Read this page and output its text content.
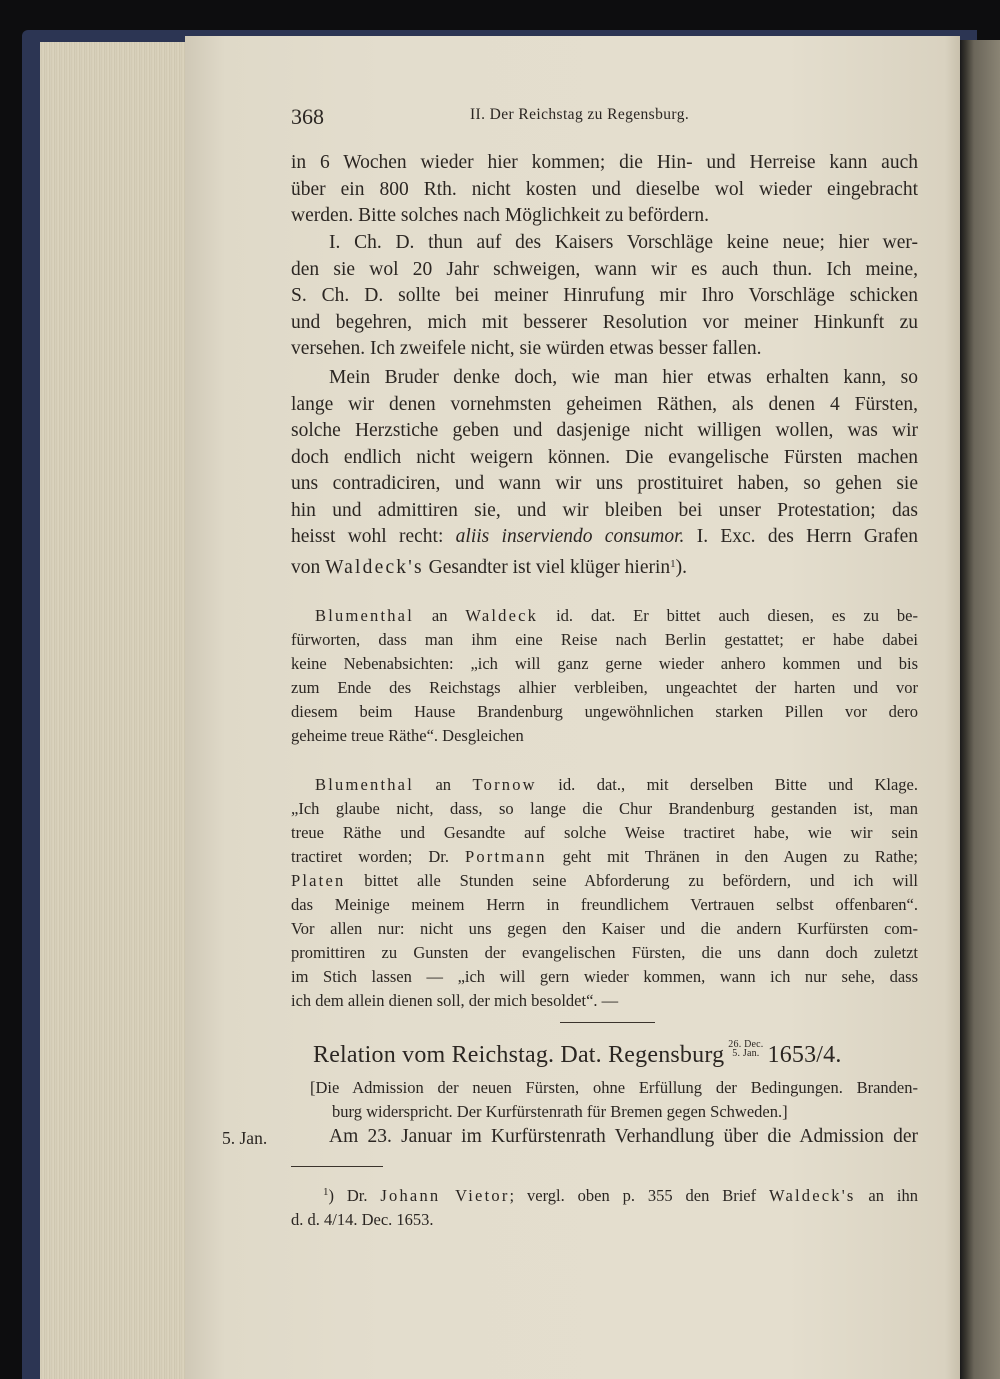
368	II. Der Reichstag zu Regensburg.
in 6 Wochen wieder hier kommen; die Hin- und Herreise kann auch
über ein 800 Rth. nicht kosten und dieselbe wol wieder eingebracht
werden. Bitte solches nach Möglichkeit zu befördern.
I. Ch. D. thun auf des Kaisers Vorschläge keine neue; hier wer-
den sie wol 20 Jahr schweigen, wann wir es auch thun. Ich meine,
S. Ch. D. sollte bei meiner Hinrufung mir Ihro Vorschläge schicken
und begehren, mich mit besserer Resolution vor meiner Hinkunft zu
versehen. Ich zweifele nicht, sie würden etwas besser fallen.
Mein Bruder denke doch, wie man hier etwas erhalten kann, so
lange wir denen vornehmsten geheimen Räthen, als denen 4 Fürsten,
solche Herzstiche geben und dasjenige nicht willigen wollen, was wir
doch endlich nicht weigern können. Die evangelische Fürsten machen
uns contradiciren, und wann wir uns prostituiret haben, so gehen sie
hin und admittiren sie, und wir bleiben bei unser Protestation; das
heisst wohl recht: aliis inserviendo consumor. I. Exc. des Herrn Grafen
von Waldeck's Gesandter ist viel klüger hierin$^1$).
Blumenthal an Waldeck id. dat. Er bittet auch diesen, es zu be-
fürworten, dass man ihm eine Reise nach Berlin gestattet; er habe dabei
keine Nebenabsichten: „ich will ganz gerne wieder anhero kommen und bis
zum Ende des Reichstags alhier verbleiben, ungeachtet der harten und vor
diesem beim Hause Brandenburg ungewöhnlichen starken Pillen vor dero
geheime treue Räthe“. Desgleichen
Blumenthal an Tornow id. dat., mit derselben Bitte und Klage.
„Ich glaube nicht, dass, so lange die Chur Brandenburg gestanden ist, man
treue Räthe und Gesandte auf solche Weise tractiret habe, wie wir sein
tractiret worden; Dr. Portmann geht mit Thränen in den Augen zu Rathe;
Platen bittet alle Stunden seine Abforderung zu befördern, und ich will
das Meinige meinem Herrn in freundlichem Vertrauen selbst offenbaren“.
Vor allen nur: nicht uns gegen den Kaiser und die andern Kurfürsten com-
promittiren zu Gunsten der evangelischen Fürsten, die uns dann doch zuletzt
im Stich lassen — „ich will gern wieder kommen, wann ich nur sehe, dass
ich dem allein dienen soll, der mich besoldet“. —
Relation vom Reichstag. Dat. Regensburg 26. Dec.
5. Jan. 1653/4.
[Die Admission der neuen Fürsten, ohne Erfüllung der Bedingungen. Branden-
burg widerspricht. Der Kurfürstenrath für Bremen gegen Schweden.]
5. Jan.	Am 23. Januar im Kurfürstenrath Verhandlung über die Admission der
$^1$) Dr. Johann Vietor; vergl. oben p. 355 den Brief Waldeck's an ihn
d. d. 4/14. Dec. 1653.
